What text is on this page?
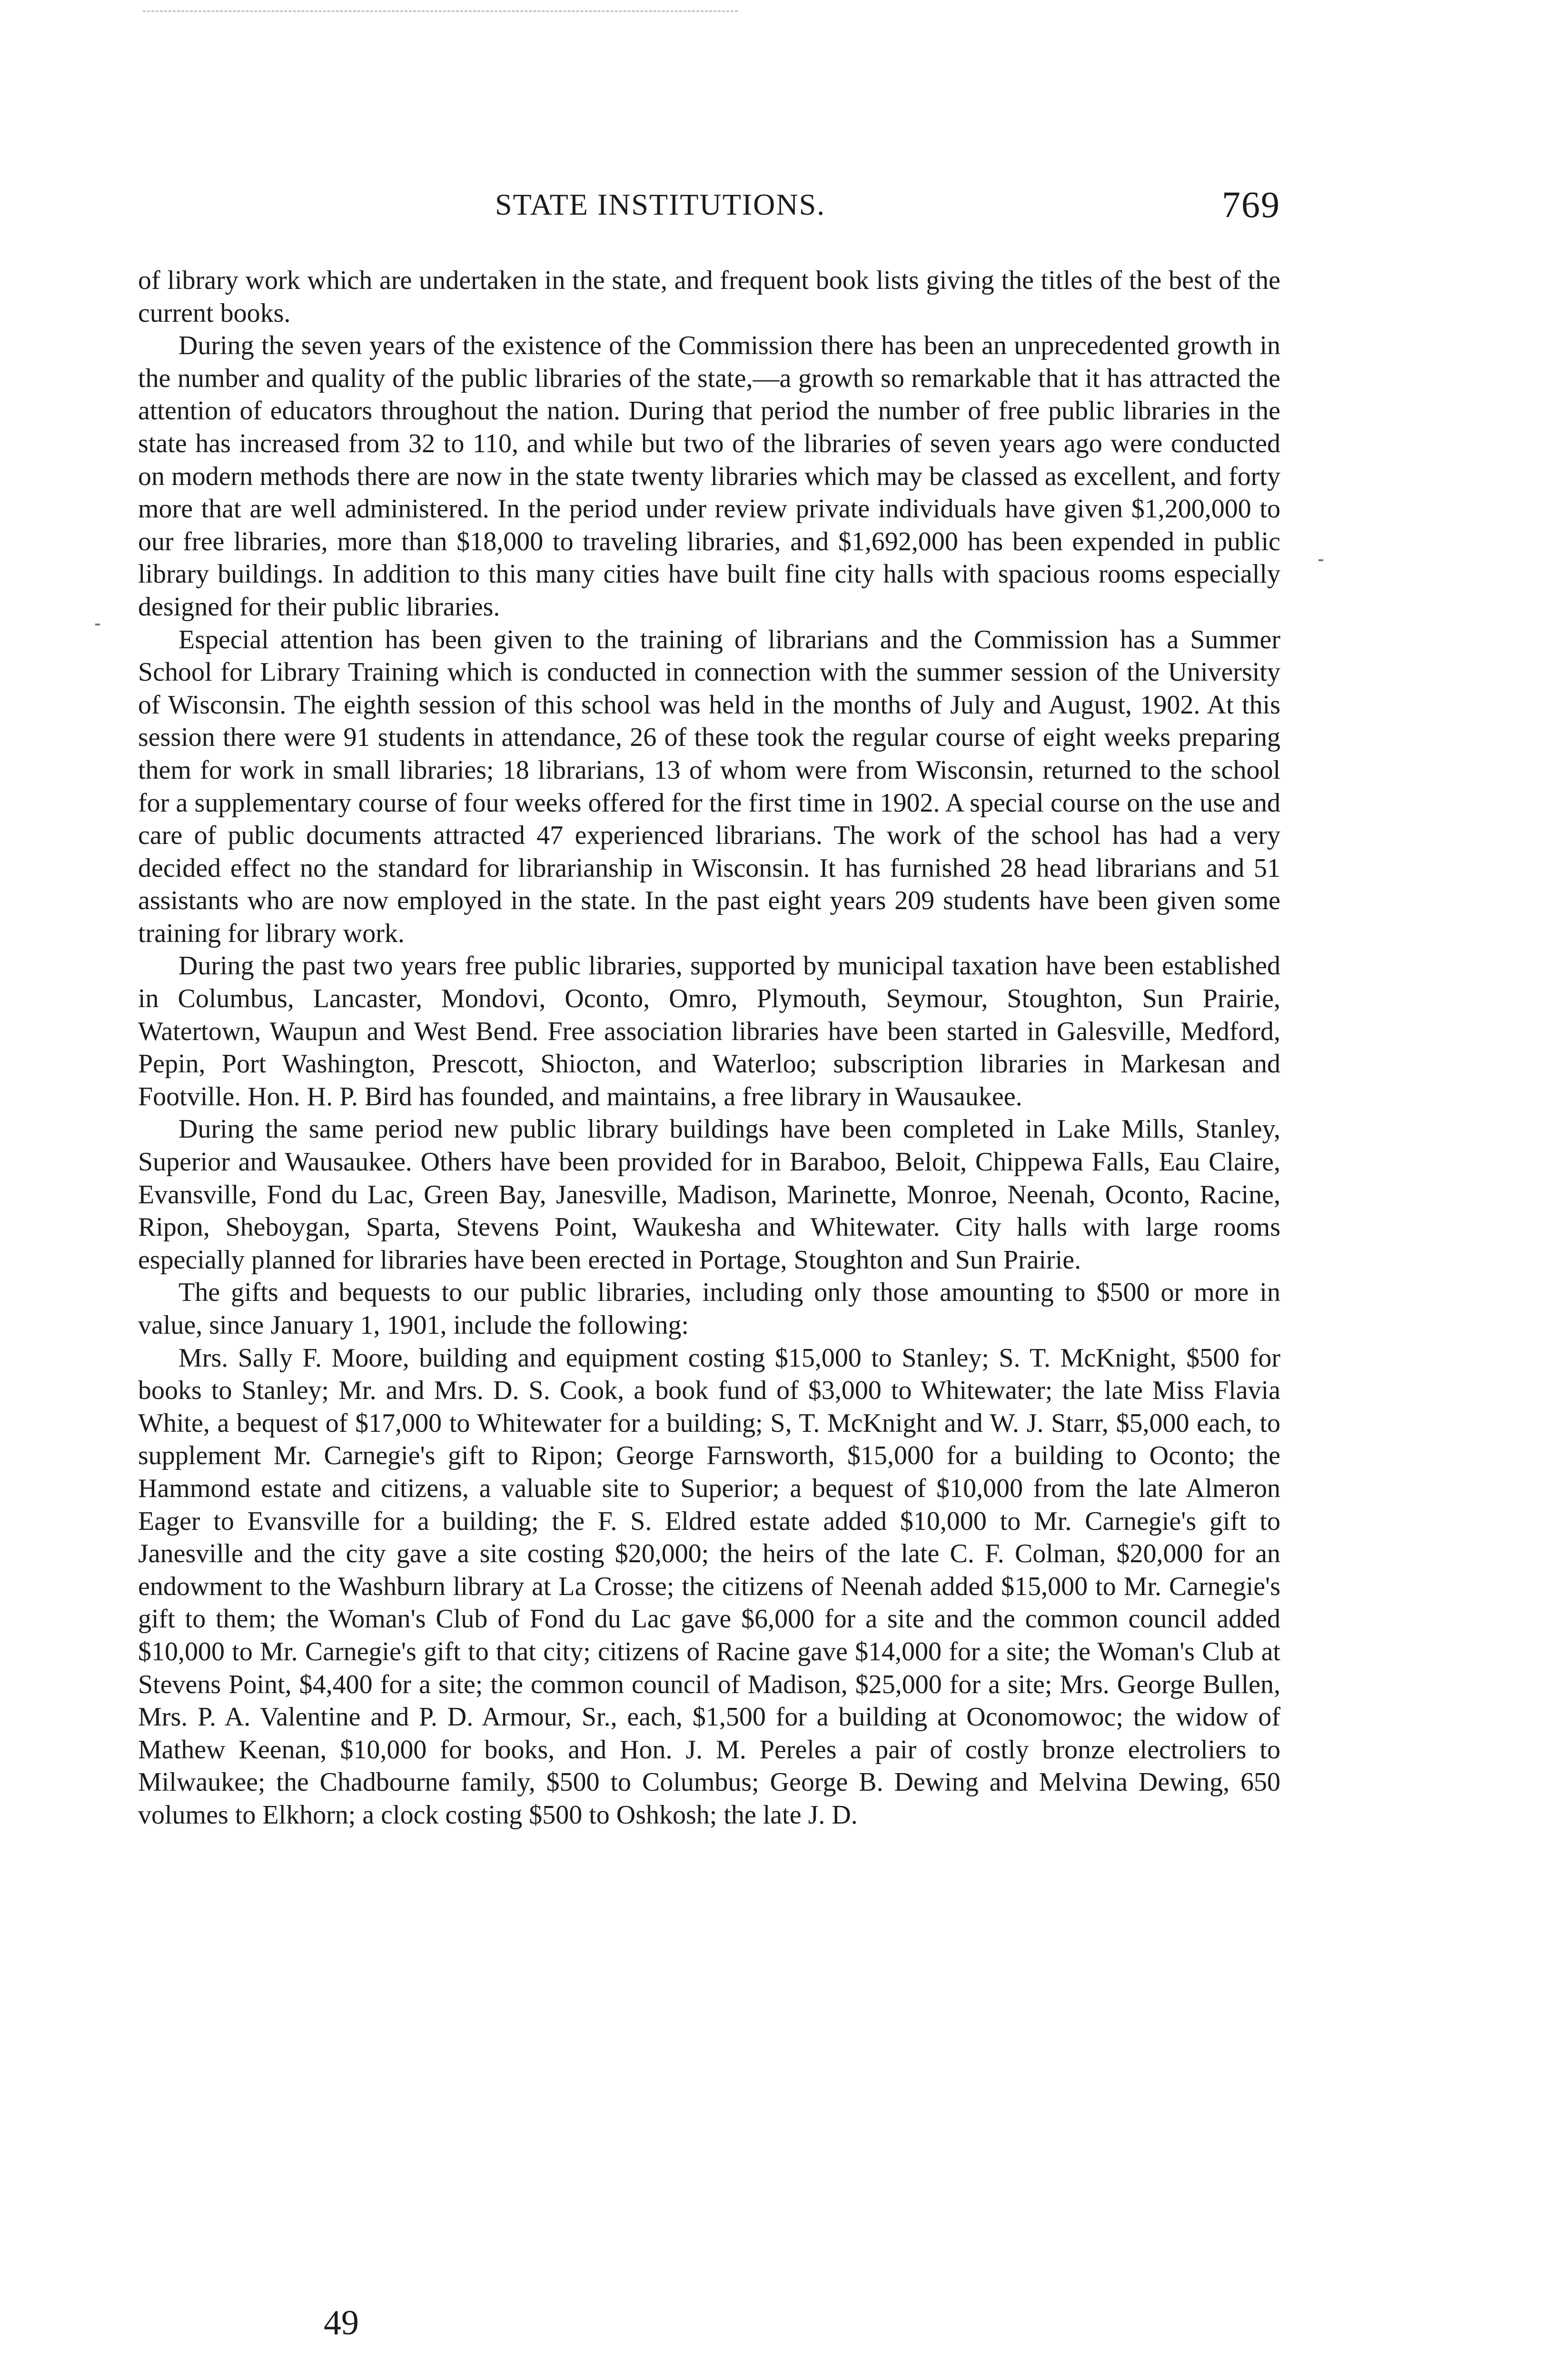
STATE INSTITUTIONS.	769

of library work which are undertaken in the state, and frequent book lists giving the titles of the best of the current books.

During the seven years of the existence of the Commission there has been an unprecedented growth in the number and quality of the public libraries of the state,—a growth so remarkable that it has attracted the attention of educators throughout the nation. During that period the number of free public libraries in the state has increased from 32 to 110, and while but two of the libraries of seven years ago were conducted on modern methods there are now in the state twenty libraries which may be classed as excellent, and forty more that are well administered. In the period under review private individuals have given $1,200,000 to our free libraries, more than $18,000 to traveling libraries, and $1,692,000 has been expended in public library buildings. In addition to this many cities have built fine city halls with spacious rooms especially designed for their public libraries.

Especial attention has been given to the training of librarians and the Commission has a Summer School for Library Training which is conducted in connection with the summer session of the University of Wisconsin. The eighth session of this school was held in the months of July and August, 1902. At this session there were 91 students in attendance, 26 of these took the regular course of eight weeks preparing them for work in small libraries; 18 librarians, 13 of whom were from Wisconsin, returned to the school for a supplementary course of four weeks offered for the first time in 1902. A special course on the use and care of public documents attracted 47 experienced librarians. The work of the school has had a very decided effect no the standard for librarianship in Wisconsin. It has furnished 28 head librarians and 51 assistants who are now employed in the state. In the past eight years 209 students have been given some training for library work.

During the past two years free public libraries, supported by municipal taxation have been established in Columbus, Lancaster, Mondovi, Oconto, Omro, Plymouth, Seymour, Stoughton, Sun Prairie, Watertown, Waupun and West Bend. Free association libraries have been started in Galesville, Medford, Pepin, Port Washington, Prescott, Shiocton, and Waterloo; subscription libraries in Markesan and Footville. Hon. H. P. Bird has founded, and maintains, a free library in Wausaukee.

During the same period new public library buildings have been completed in Lake Mills, Stanley, Superior and Wausaukee. Others have been provided for in Baraboo, Beloit, Chippewa Falls, Eau Claire, Evansville, Fond du Lac, Green Bay, Janesville, Madison, Marinette, Monroe, Neenah, Oconto, Racine, Ripon, Sheboygan, Sparta, Stevens Point, Waukesha and Whitewater. City halls with large rooms especially planned for libraries have been erected in Portage, Stoughton and Sun Prairie.

The gifts and bequests to our public libraries, including only those amounting to $500 or more in value, since January 1, 1901, include the following:

Mrs. Sally F. Moore, building and equipment costing $15,000 to Stanley; S. T. McKnight, $500 for books to Stanley; Mr. and Mrs. D. S. Cook, a book fund of $3,000 to Whitewater; the late Miss Flavia White, a bequest of $17,000 to Whitewater for a building; S, T. McKnight and W. J. Starr, $5,000 each, to supplement Mr. Carnegie's gift to Ripon; George Farnsworth, $15,000 for a building to Oconto; the Hammond estate and citizens, a valuable site to Superior; a bequest of $10,000 from the late Almeron Eager to Evansville for a building; the F. S. Eldred estate added $10,000 to Mr. Carnegie's gift to Janesville and the city gave a site costing $20,000; the heirs of the late C. F. Colman, $20,000 for an endowment to the Washburn library at La Crosse; the citizens of Neenah added $15,000 to Mr. Carnegie's gift to them; the Woman's Club of Fond du Lac gave $6,000 for a site and the common council added $10,000 to Mr. Carnegie's gift to that city; citizens of Racine gave $14,000 for a site; the Woman's Club at Stevens Point, $4,400 for a site; the common council of Madison, $25,000 for a site; Mrs. George Bullen, Mrs. P. A. Valentine and P. D. Armour, Sr., each, $1,500 for a building at Oconomowoc; the widow of Mathew Keenan, $10,000 for books, and Hon. J. M. Pereles a pair of costly bronze electroliers to Milwaukee; the Chadbourne family, $500 to Columbus; George B. Dewing and Melvina Dewing, 650 volumes to Elkhorn; a clock costing $500 to Oshkosh; the late J. D.

49
